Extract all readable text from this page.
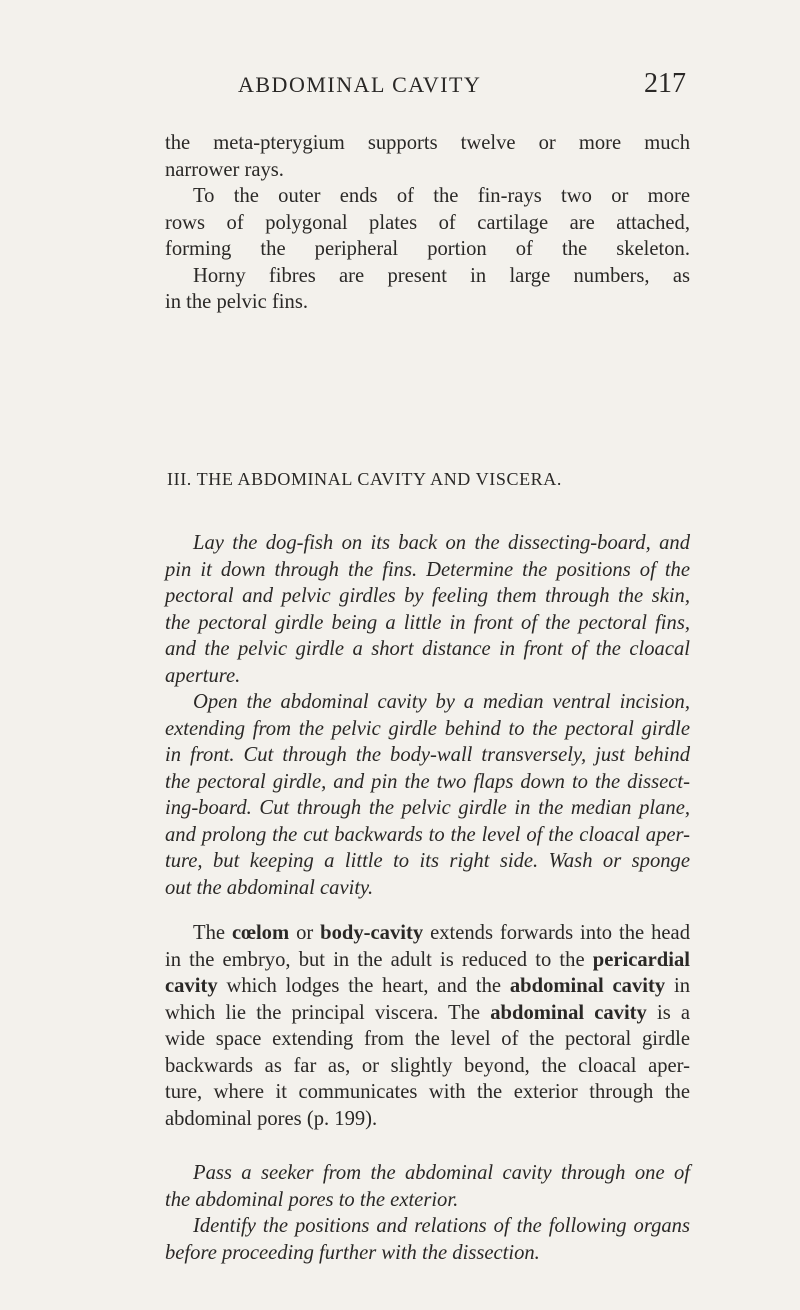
ABDOMINAL CAVITY	217
the meta-pterygium supports twelve or more much
narrower rays.
To the outer ends of the fin-rays two or more
rows of polygonal plates of cartilage are attached,
forming the peripheral portion of the skeleton.
Horny fibres are present in large numbers, as
in the pelvic fins.
III. THE ABDOMINAL CAVITY AND VISCERA.
Lay the dog-fish on its back on the dissecting-board, and
pin it down through the fins. Determine the positions of the
pectoral and pelvic girdles by feeling them through the skin,
the pectoral girdle being a little in front of the pectoral fins,
and the pelvic girdle a short distance in front of the cloacal
aperture.
Open the abdominal cavity by a median ventral incision,
extending from the pelvic girdle behind to the pectoral girdle
in front. Cut through the body-wall transversely, just behind
the pectoral girdle, and pin the two flaps down to the dissect-
ing-board. Cut through the pelvic girdle in the median plane,
and prolong the cut backwards to the level of the cloacal aper-
ture, but keeping a little to its right side. Wash or sponge
out the abdominal cavity.
The cœlom or body-cavity extends forwards into the head
in the embryo, but in the adult is reduced to the pericardial
cavity which lodges the heart, and the abdominal cavity in
which lie the principal viscera. The abdominal cavity is a
wide space extending from the level of the pectoral girdle
backwards as far as, or slightly beyond, the cloacal aper-
ture, where it communicates with the exterior through the
abdominal pores (p. 199).
Pass a seeker from the abdominal cavity through one of
the abdominal pores to the exterior.
Identify the positions and relations of the following organs
before proceeding further with the dissection.
